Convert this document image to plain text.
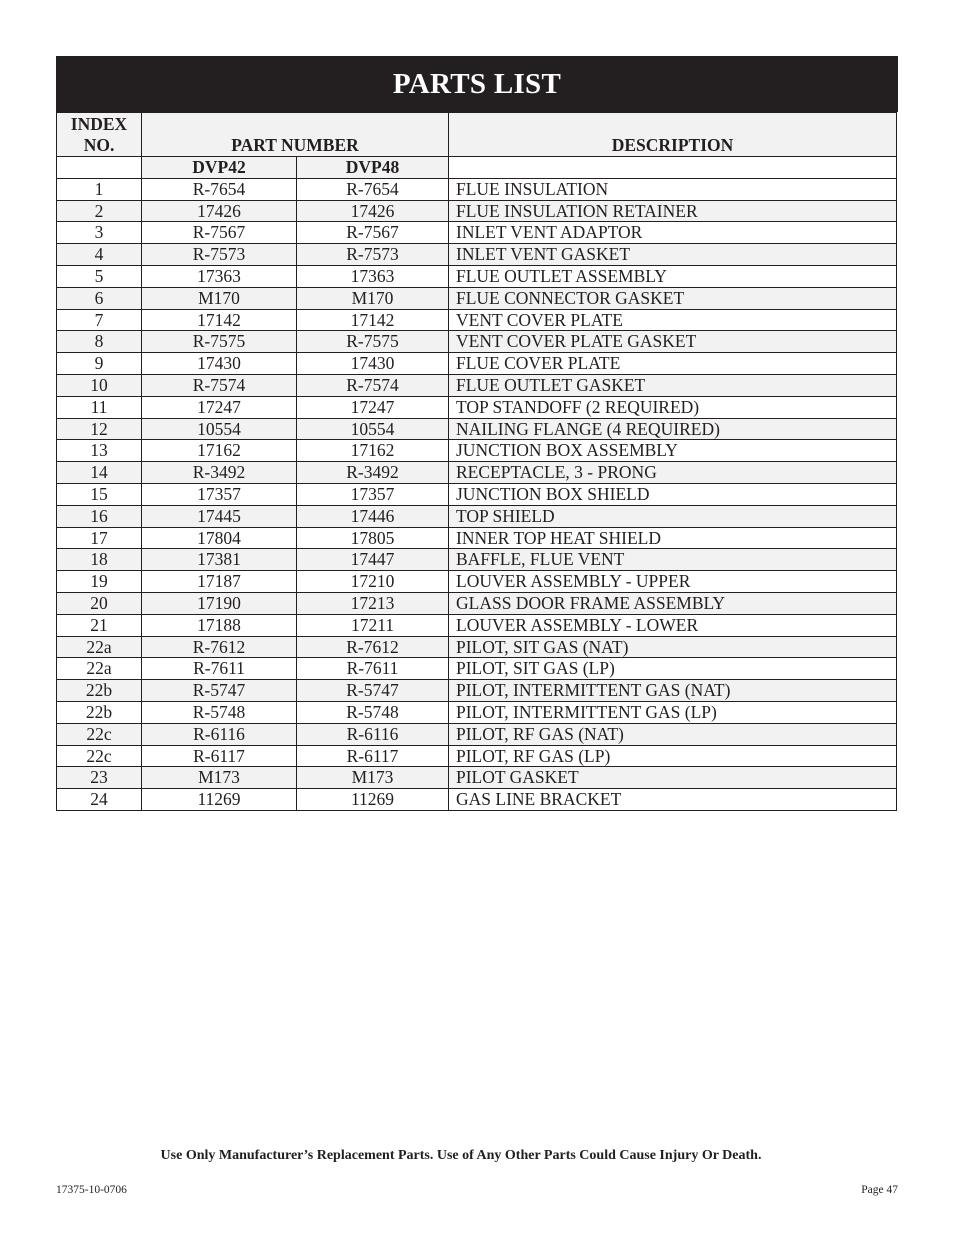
PARTS LIST
INDEX NO.	PART NUMBER		DESCRIPTION
	DVP42	DVP48	
1	R-7654	R-7654	FLUE INSULATION
2	17426	17426	FLUE INSULATION RETAINER
3	R-7567	R-7567	INLET VENT ADAPTOR
4	R-7573	R-7573	INLET VENT GASKET
5	17363	17363	FLUE OUTLET ASSEMBLY
6	M170	M170	FLUE CONNECTOR GASKET
7	17142	17142	VENT COVER PLATE
8	R-7575	R-7575	VENT COVER PLATE GASKET
9	17430	17430	FLUE COVER PLATE
10	R-7574	R-7574	FLUE OUTLET GASKET
11	17247	17247	TOP STANDOFF (2 REQUIRED)
12	10554	10554	NAILING FLANGE (4 REQUIRED)
13	17162	17162	JUNCTION BOX ASSEMBLY
14	R-3492	R-3492	RECEPTACLE, 3 - PRONG
15	17357	17357	JUNCTION BOX SHIELD
16	17445	17446	TOP SHIELD
17	17804	17805	INNER TOP HEAT SHIELD
18	17381	17447	BAFFLE, FLUE VENT
19	17187	17210	LOUVER ASSEMBLY - UPPER
20	17190	17213	GLASS DOOR FRAME ASSEMBLY
21	17188	17211	LOUVER ASSEMBLY - LOWER
22a	R-7612	R-7612	PILOT, SIT GAS (NAT)
22a	R-7611	R-7611	PILOT, SIT GAS (LP)
22b	R-5747	R-5747	PILOT, INTERMITTENT GAS (NAT)
22b	R-5748	R-5748	PILOT, INTERMITTENT GAS (LP)
22c	R-6116	R-6116	PILOT, RF GAS (NAT)
22c	R-6117	R-6117	PILOT, RF GAS (LP)
23	M173	M173	PILOT GASKET
24	11269	11269	GAS LINE BRACKET
Use Only Manufacturer’s Replacement Parts. Use of Any Other Parts Could Cause Injury Or Death.
17375-10-0706	Page 47
